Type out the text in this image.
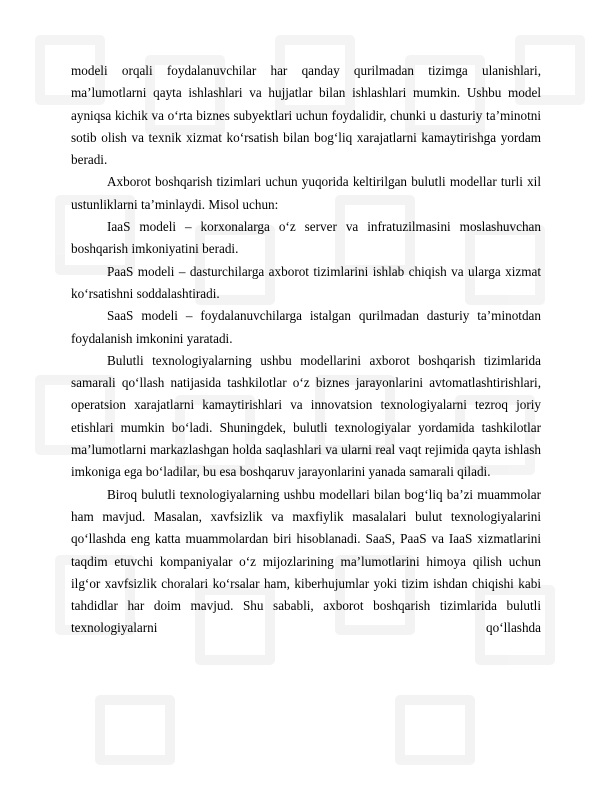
modeli orqali foydalanuvchilar har qanday qurilmadan tizimga ulanishlari, ma’lumotlarni qayta ishlashlari va hujjatlar bilan ishlashlari mumkin. Ushbu model ayniqsa kichik va o‘rta biznes subyektlari uchun foydalidir, chunki u dasturiy ta’minotni sotib olish va texnik xizmat ko‘rsatish bilan bog‘liq xarajatlarni kamaytirishga yordam beradi.

Axborot boshqarish tizimlari uchun yuqorida keltirilgan bulutli modellar turli xil ustunliklarni ta’minlaydi. Misol uchun:

IaaS modeli – korxonalarga o‘z server va infratuzilmasini moslashuvchan boshqarish imkoniyatini beradi.

PaaS modeli – dasturchilarga axborot tizimlarini ishlab chiqish va ularga xizmat ko‘rsatishni soddalashtiradi.

SaaS modeli – foydalanuvchilarga istalgan qurilmadan dasturiy ta’minotdan foydalanish imkonini yaratadi.

Bulutli texnologiyalarning ushbu modellarini axborot boshqarish tizimlarida samarali qo‘llash natijasida tashkilotlar o‘z biznes jarayonlarini avtomatlashtirishlari, operatsion xarajatlarni kamaytirishlari va innovatsion texnologiyalarni tezroq joriy etishlari mumkin bo‘ladi. Shuningdek, bulutli texnologiyalar yordamida tashkilotlar ma’lumotlarni markazlashgan holda saqlashlari va ularni real vaqt rejimida qayta ishlash imkoniga ega bo‘ladilar, bu esa boshqaruv jarayonlarini yanada samarali qiladi.

Biroq bulutli texnologiyalarning ushbu modellari bilan bog‘liq ba’zi muammolar ham mavjud. Masalan, xavfsizlik va maxfiylik masalalari bulut texnologiyalarini qo‘llashda eng katta muammolardan biri hisoblanadi. SaaS, PaaS va IaaS xizmatlarini taqdim etuvchi kompaniyalar o‘z mijozlarining ma’lumotlarini himoya qilish uchun ilg‘or xavfsizlik choralari ko‘rsalar ham, kiberhujumlar yoki tizim ishdan chiqishi kabi tahdidlar har doim mavjud. Shu sababli, axborot boshqarish tizimlarida bulutli texnologiyalarni qo‘llashda
